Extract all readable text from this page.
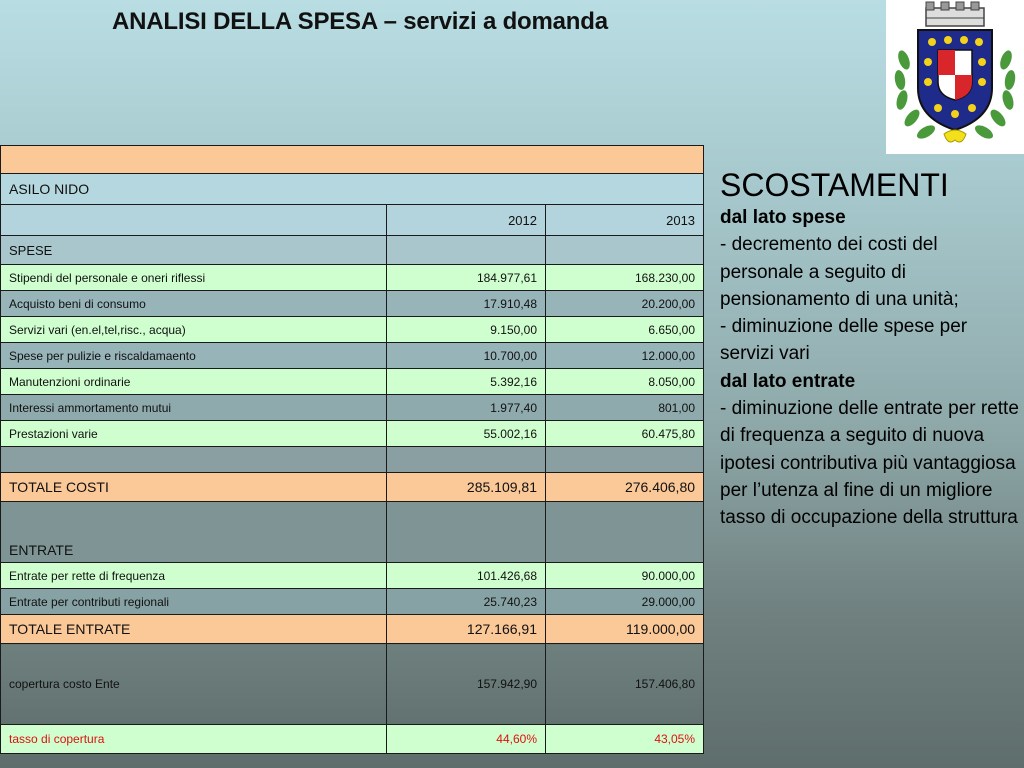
ANALISI DELLA SPESA – servizi a domanda

ASILO NIDO		
	2012	2013
SPESE		
Stipendi del personale e oneri riflessi	184.977,61	168.230,00
Acquisto beni di consumo	17.910,48	20.200,00
Servizi vari (en.el,tel,risc., acqua)	9.150,00	6.650,00
Spese per pulizie e riscaldamaento	10.700,00	12.000,00
Manutenzioni ordinarie	5.392,16	8.050,00
Interessi ammortamento mutui	1.977,40	801,00
Prestazioni varie	55.002,16	60.475,80

TOTALE COSTI	285.109,81	276.406,80
ENTRATE		
Entrate per rette di frequenza	101.426,68	90.000,00
Entrate per contributi regionali	25.740,23	29.000,00
TOTALE ENTRATE	127.166,91	119.000,00
copertura costo Ente	157.942,90	157.406,80
tasso di copertura	44,60%	43,05%
SCOSTAMENTI
dal lato spese
- decremento dei costi del personale a seguito di pensionamento di una unità;
- diminuzione delle spese per servizi vari
dal lato entrate
- diminuzione delle entrate per rette di frequenza a seguito di nuova ipotesi contributiva più vantaggiosa per l’utenza al fine di un migliore tasso di occupazione della struttura
